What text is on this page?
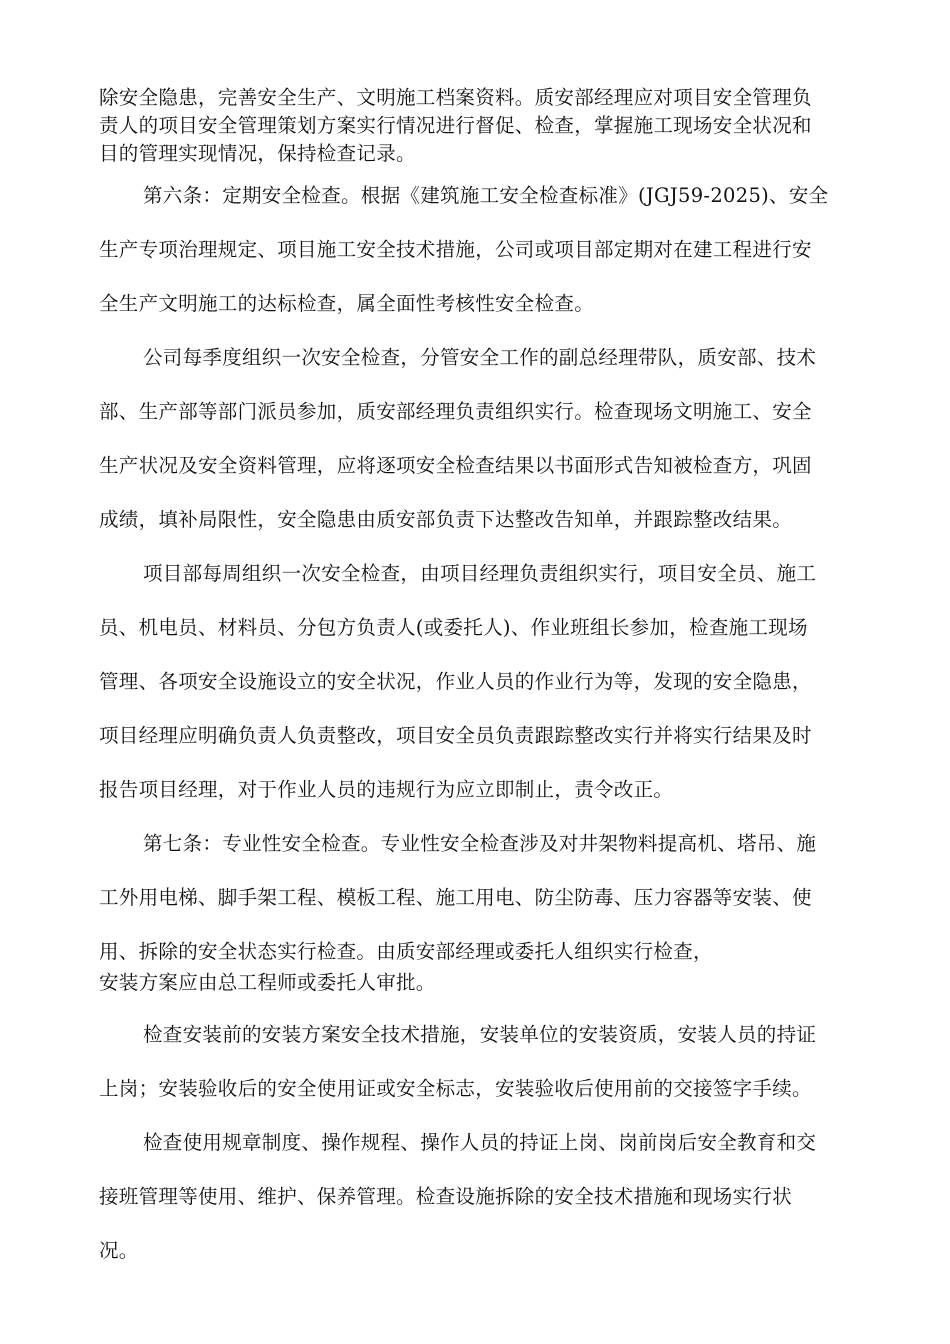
除安全隐患，完善安全生产、文明施工档案资料。质安部经理应对项目安全管理负
责人的项目安全管理策划方案实行情况进行督促、检查，掌握施工现场安全状况和
目的管理实现情况，保持检查记录。
第六条：定期安全检查。根据《建筑施工安全检查标准》(JGJ59-2025)、安全
生产专项治理规定、项目施工安全技术措施，公司或项目部定期对在建工程进行安
全生产文明施工的达标检查，属全面性考核性安全检查。
公司每季度组织一次安全检查，分管安全工作的副总经理带队，质安部、技术
部、生产部等部门派员参加，质安部经理负责组织实行。检查现场文明施工、安全
生产状况及安全资料管理，应将逐项安全检查结果以书面形式告知被检查方，巩固
成绩，填补局限性，安全隐患由质安部负责下达整改告知单，并跟踪整改结果。
项目部每周组织一次安全检查，由项目经理负责组织实行，项目安全员、施工
员、机电员、材料员、分包方负责人(或委托人)、作业班组长参加，检查施工现场
管理、各项安全设施设立的安全状况，作业人员的作业行为等，发现的安全隐患，
项目经理应明确负责人负责整改，项目安全员负责跟踪整改实行并将实行结果及时
报告项目经理，对于作业人员的违规行为应立即制止，责令改正。
第七条：专业性安全检查。专业性安全检查涉及对井架物料提高机、塔吊、施
工外用电梯、脚手架工程、模板工程、施工用电、防尘防毒、压力容器等安装、使
用、拆除的安全状态实行检查。由质安部经理或委托人组织实行检查，
安装方案应由总工程师或委托人审批。
检查安装前的安装方案安全技术措施，安装单位的安装资质，安装人员的持证
上岗；安装验收后的安全使用证或安全标志，安装验收后使用前的交接签字手续。
检查使用规章制度、操作规程、操作人员的持证上岗、岗前岗后安全教育和交
接班管理等使用、维护、保养管理。检查设施拆除的安全技术措施和现场实行状
况。
